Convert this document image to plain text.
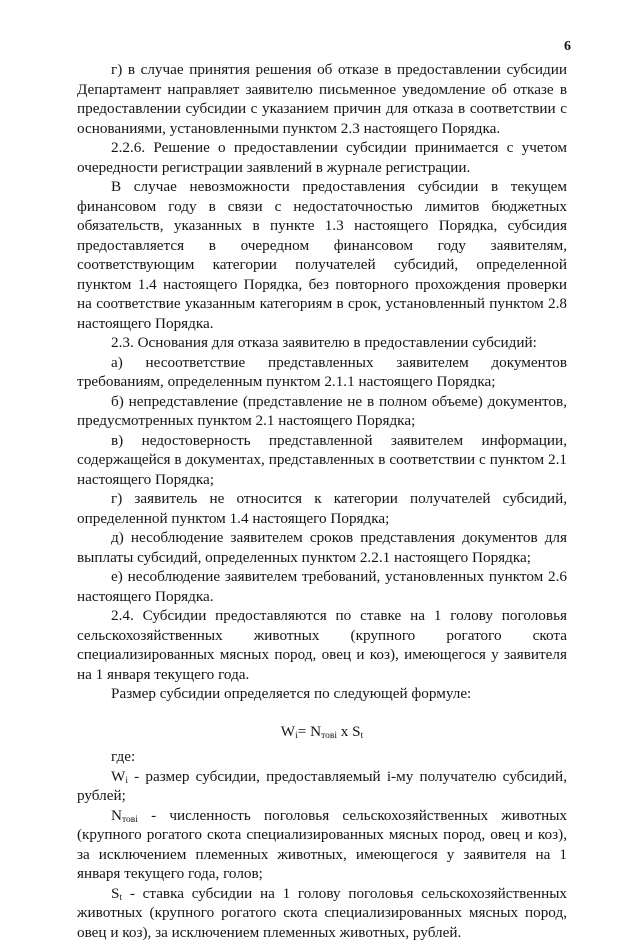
6

г) в случае принятия решения об отказе в предоставлении субсидии Департамент направляет заявителю письменное уведомление об отказе в предоставлении субсидии с указанием причин для отказа в соответствии с основаниями, установленными пунктом 2.3 настоящего Порядка.

2.2.6. Решение о предоставлении субсидии принимается с учетом очередности регистрации заявлений в журнале регистрации.

В случае невозможности предоставления субсидии в текущем финансовом году в связи с недостаточностью лимитов бюджетных обязательств, указанных в пункте 1.3 настоящего Порядка, субсидия предоставляется в очередном финансовом году заявителям, соответствующим категории получателей субсидий, определенной пунктом 1.4 настоящего Порядка, без повторного прохождения проверки на соответствие указанным категориям в срок, установленный пунктом 2.8 настоящего Порядка.

2.3. Основания для отказа заявителю в предоставлении субсидий:

а) несоответствие представленных заявителем документов требованиям, определенным пунктом 2.1.1 настоящего Порядка;

б) непредставление (представление не в полном объеме) документов, предусмотренных пунктом 2.1 настоящего Порядка;

в) недостоверность представленной заявителем информации, содержащейся в документах, представленных в соответствии с пунктом 2.1 настоящего Порядка;

г) заявитель не относится к категории получателей субсидий, определенной пунктом 1.4 настоящего Порядка;

д) несоблюдение заявителем сроков представления документов для выплаты субсидий, определенных пунктом 2.2.1 настоящего Порядка;

е) несоблюдение заявителем требований, установленных пунктом 2.6 настоящего Порядка.

2.4. Субсидии предоставляются по ставке на 1 голову поголовья сельскохозяйственных животных (крупного рогатого скота специализированных мясных пород, овец и коз), имеющегося у заявителя на 1 января текущего года.

Размер субсидии определяется по следующей формуле:

$W_i= N_{товi}$ x $S_t$

где:

$W_i$ - размер субсидии, предоставляемый i-му получателю субсидий, рублей;

$N_{товi}$ - численность поголовья сельскохозяйственных животных (крупного рогатого скота специализированных мясных пород, овец и коз), за исключением племенных животных, имеющегося у заявителя на 1 января текущего года, голов;

$S_t$ - ставка субсидии на 1 голову поголовья сельскохозяйственных животных (крупного рогатого скота специализированных мясных пород, овец и коз), за исключением племенных животных, рублей.
